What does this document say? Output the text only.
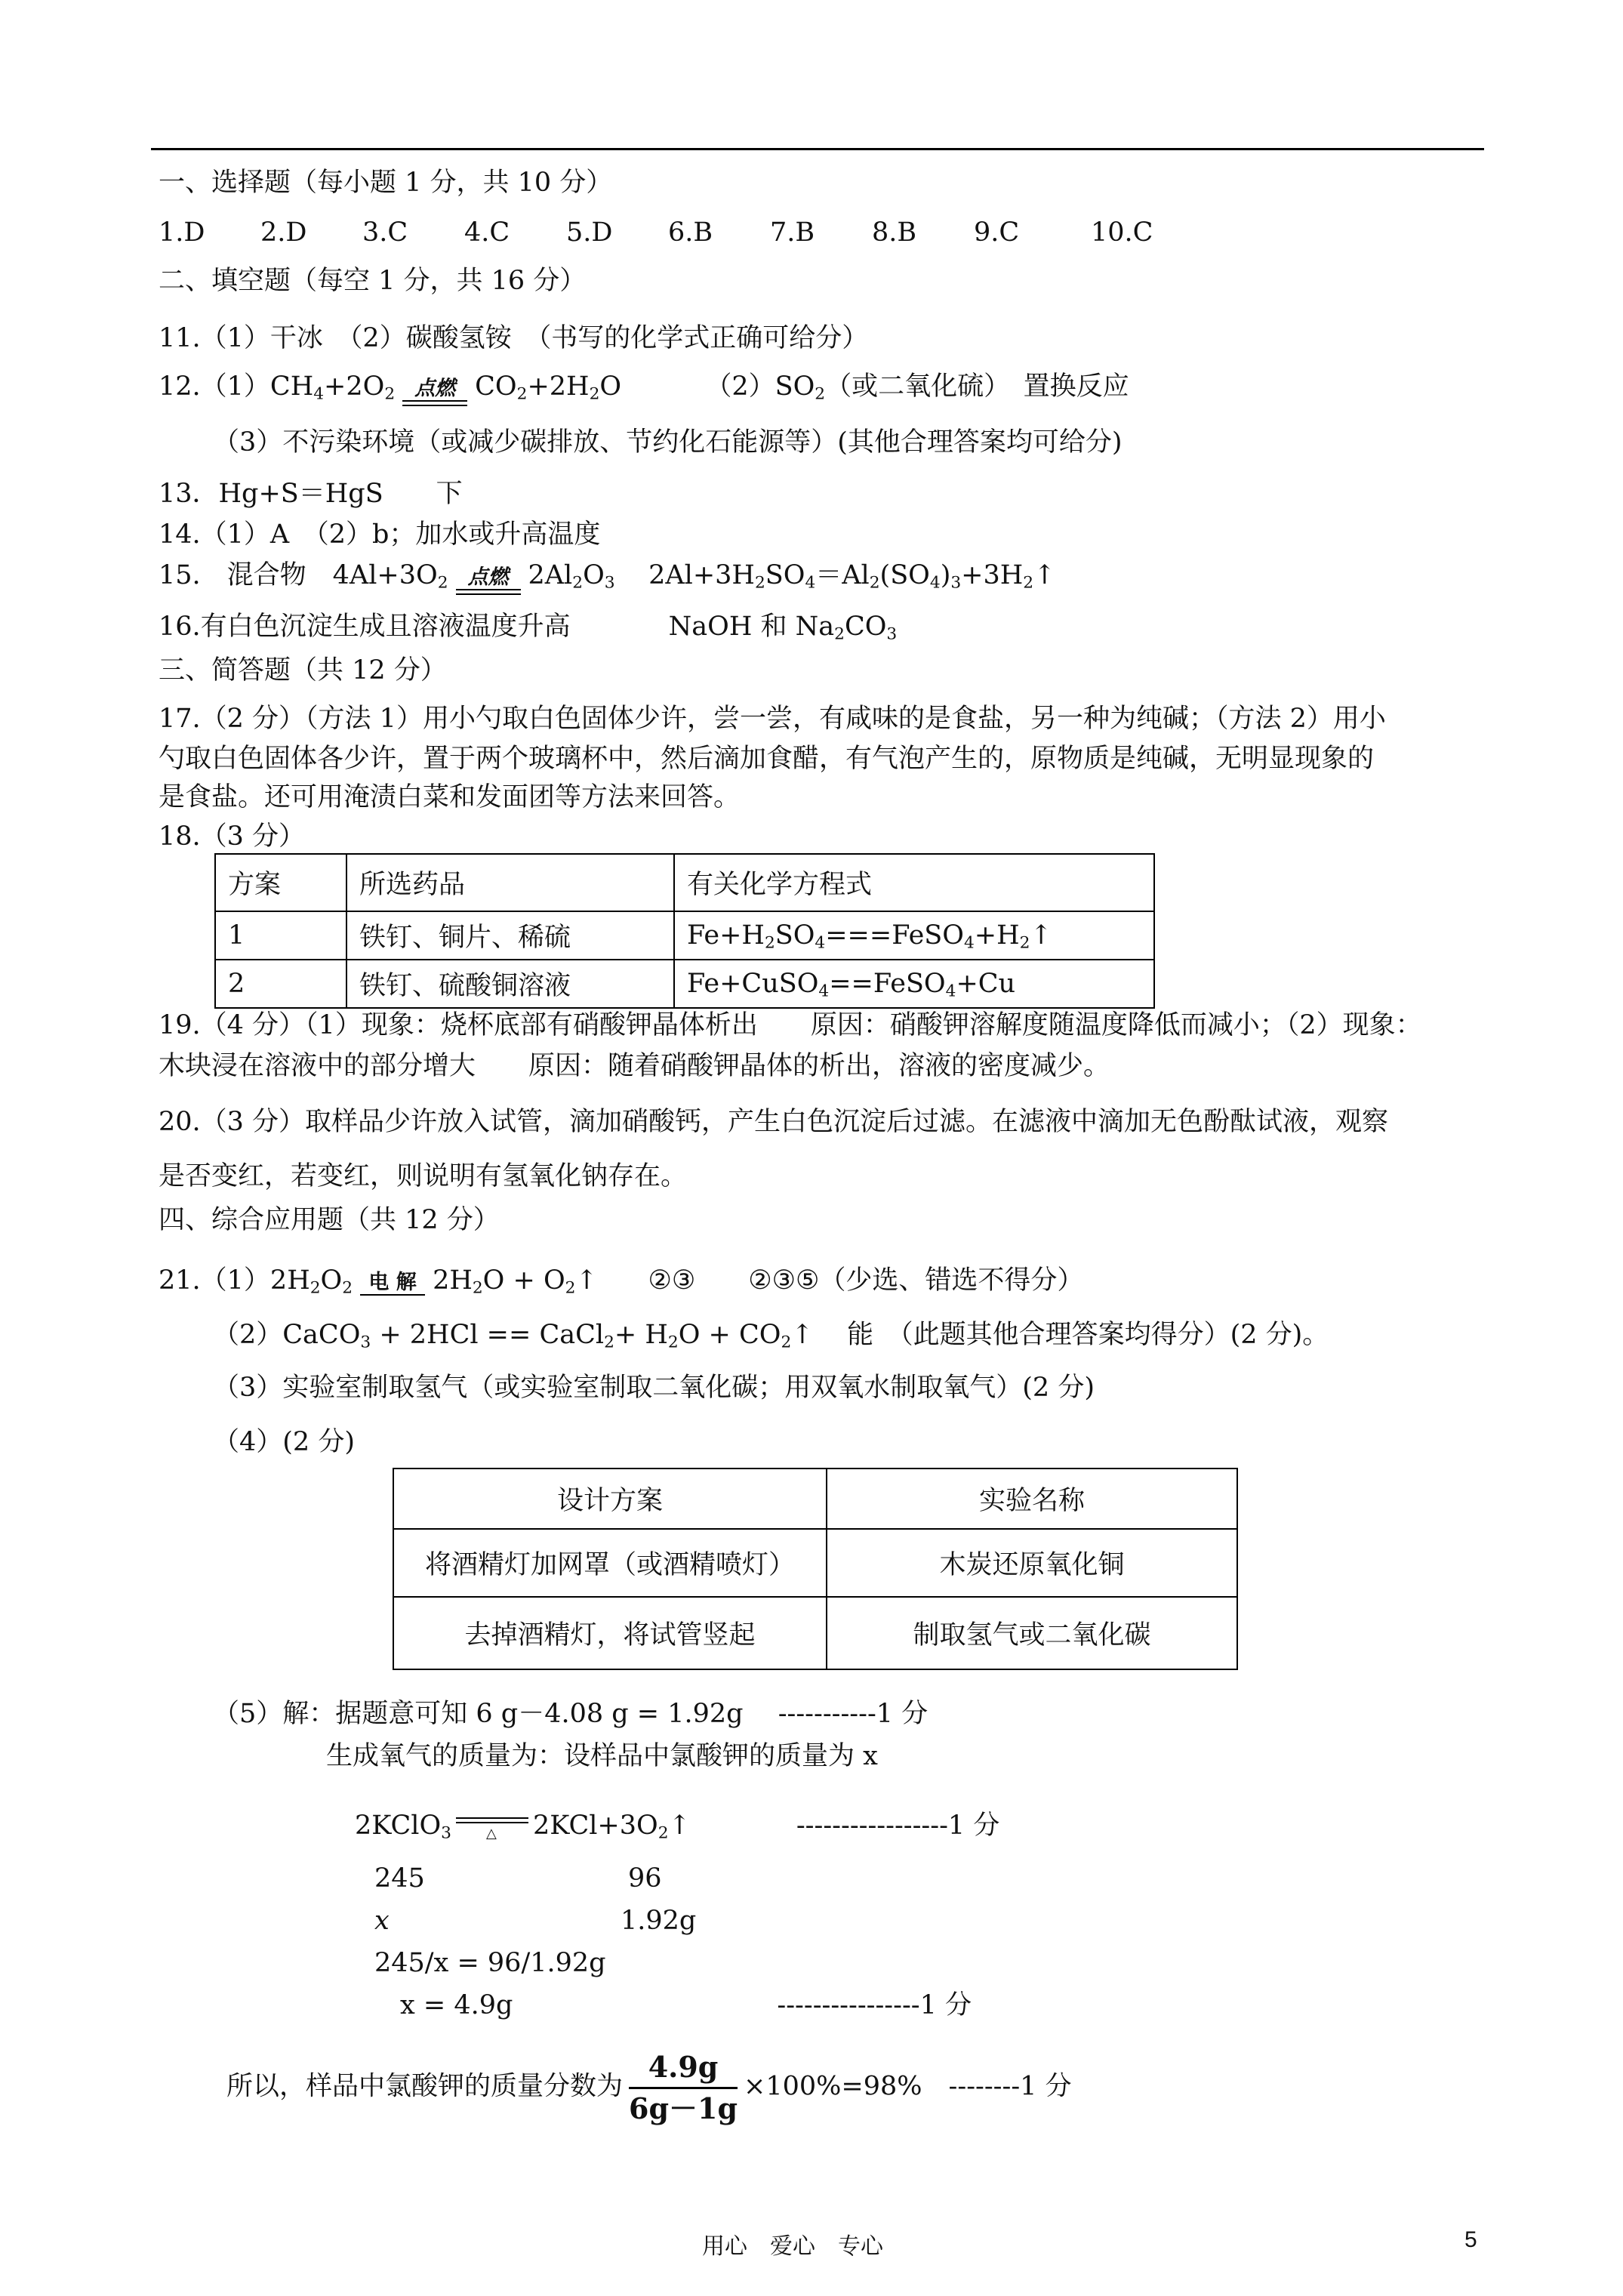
一、选择题（每小题 1 分，共 10 分）
1.D 2.D 3.C 4.C 5.D 6.B 7.B 8.B 9.C	10.C
二、填空题（每空 1 分，共 16 分）
11.（1）干冰　（2）碳酸氢铵　（书写的化学式正确可给分）
$12.(1)CH_4+2O_2$ 点燃 $CO_2+2H_2O$          $(2)SO_2$（或二氧化硫）　置换反应
（3）不污染环境（或减少碳排放、节约化石能源等）(其他合理答案均可给分)
13．Hg+S＝HgS　　下
14.（1）A　（2）b；加水或升高温度
15.　混合物　$4Al+3O_2$ 点燃 $2Al_2O_3$    $2Al+3H_2SO_4=Al_2(SO_4)_3+3H_2↑$
16.有白色沉淀生成且溶液温度升高	NaOH 和 $Na_2CO_3$
三、简答题（共 12 分）
17.（2 分）（方法 1）用小勺取白色固体少许，尝一尝，有咸味的是食盐，另一种为纯碱；（方法 2）用小
勺取白色固体各少许，置于两个玻璃杯中，然后滴加食醋，有气泡产生的，原物质是纯碱，无明显现象的
是食盐。还可用淹渍白菜和发面团等方法来回答。
18.（3 分）
方案	所选药品	有关化学方程式
1	铁钉、铜片、稀硫	$Fe+H_2SO_4===FeSO_4+H_2↑$
2	铁钉、硫酸铜溶液	Fe+CuSO$_4$==FeSO$_4$+Cu
19.（4 分）（1）现象：烧杯底部有硝酸钾晶体析出　　原因：硝酸钾溶解度随温度降低而减小；（2）现象：
木块浸在溶液中的部分增大　　原因：随着硝酸钾晶体的析出，溶液的密度减少。
20.（3 分）取样品少许放入试管，滴加硝酸钙，产生白色沉淀后过滤。在滤液中滴加无色酚酞试液，观察
是否变红，若变红，则说明有氢氧化钠存在。
四、综合应用题（共 12 分）
$21.(1)2H_2O_2$ 电 解 $2H_2O$ + $O_2↑$      ②③　　②③⑤（少选、错选不得分）
（2）CaCO$_3$ + 2HCl == CaCl$_2$+ $H_2O$ + $CO_2↑$    能　（此题其他合理答案均得分）(2 分)。
（3）实验室制取氢气（或实验室制取二氧化碳；用双氧水制取氧气）(2 分)
（4）(2 分)
设计方案	实验名称
将酒精灯加网罩（或酒精喷灯）	木炭还原氧化铜
去掉酒精灯，将试管竖起	制取氢气或二氧化碳
（5）解：据题意可知 6 g－4.08 g = 1.92g　 -----------1 分
生成氧气的质量为：设样品中氯酸钾的质量为 x
2KClO$_3$	△ $2KCl+3O_2↑$	-----------------1 分
245	96
x	1.92g
245/x = 96/1.92g
x = 4.9g　　　　　　　　　　----------------1 分
所以，样品中氯酸钾的质量分数为 $\frac{4.9g}{6g-1g} \times 100\%=98\%$　--------1 分
用心　爱心　专心	5
